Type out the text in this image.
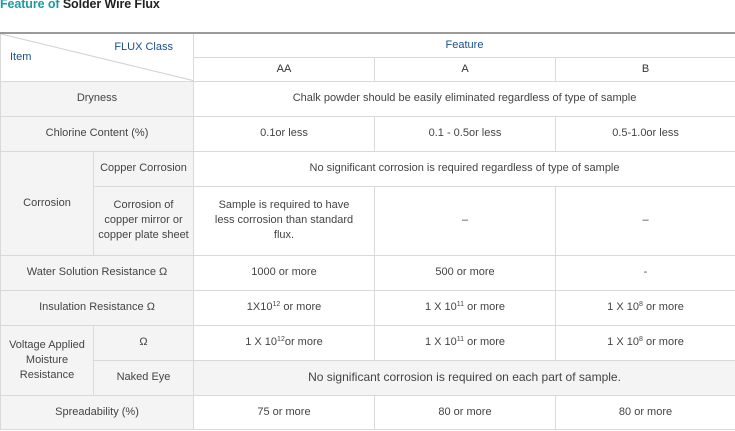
Feature of Solder Wire Flux
Item
FLUX Class		Feature		
		AA	A	B
Dryness		Chalk powder should be easily eliminated regardless of type of sample		
Chlorine Content (%)		0.1or less	0.1 - 0.5or less	0.5-1.0or less
Corrosion	Copper Corrosion	No significant corrosion is required regardless of type of sample		
	Corrosion of copper mirror or copper plate sheet	Sample is required to have less corrosion than standard flux.	–	–
Water Solution Resistance Ω		1000 or more	500 or more	-
Insulation Resistance Ω		$1X10^{12}$ or more	1 X $10^{11}$ or more	1 X $10^8$ or more
Voltage Applied Moisture Resistance	Ω	1 X $10^{12}or$ more	1 X $10^{11}$ or more	1 X $10^8$ or more
	Naked Eye	No significant corrosion is required on each part of sample.		
Spreadability (%)		75 or more	80 or more	80 or more
